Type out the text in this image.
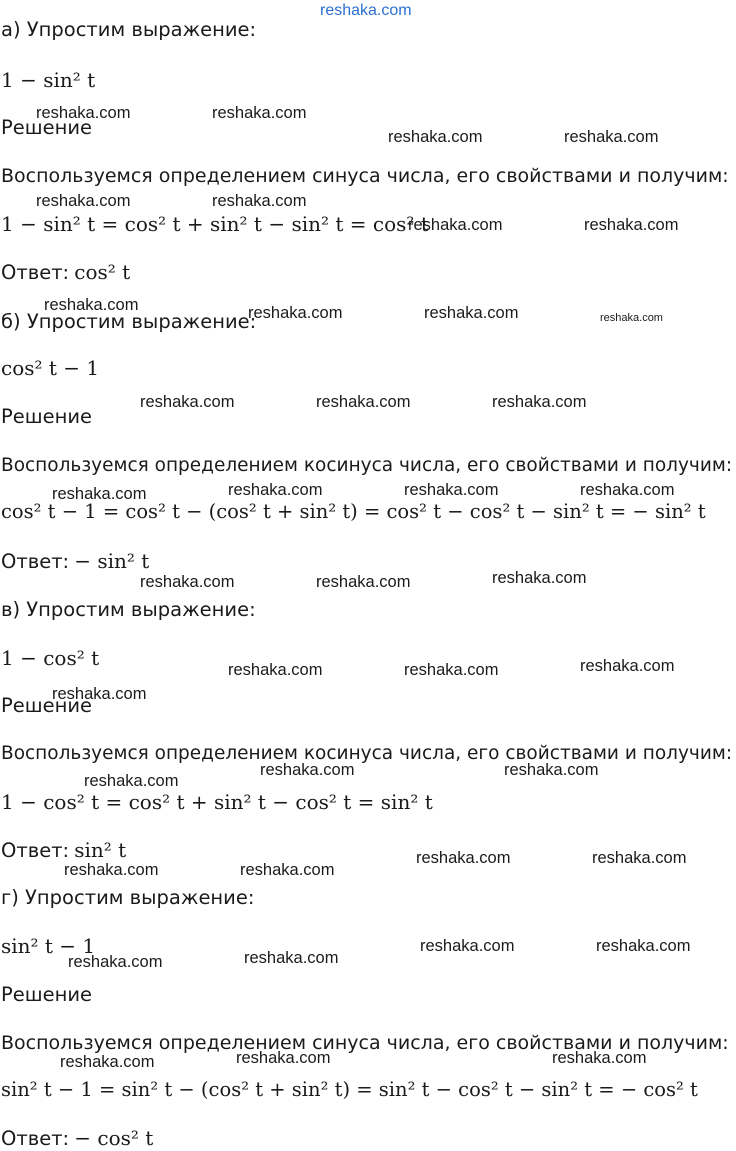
reshaka.com
а) Упростим выражение:
1 − sin² t
Решение
Воспользуемся определением синуса числа, его свойствами и получим:
1 − sin² t = cos² t + sin² t − sin² t = cos² t
Ответ: cos² t
б) Упростим выражение:
cos² t − 1
Решение
Воспользуемся определением косинуса числа, его свойствами и получим:
cos² t − 1 = cos² t − (cos² t + sin² t) = cos² t − cos² t − sin² t = − sin² t
Ответ: − sin² t
в) Упростим выражение:
1 − cos² t
Решение
Воспользуемся определением косинуса числа, его свойствами и получим:
1 − cos² t = cos² t + sin² t − cos² t = sin² t
Ответ: sin² t
г) Упростим выражение:
sin² t − 1
Решение
Воспользуемся определением синуса числа, его свойствами и получим:
sin² t − 1 = sin² t − (cos² t + sin² t) = sin² t − cos² t − sin² t = − cos² t
Ответ: − cos² t
reshaka.com	reshaka.com
reshaka.com	reshaka.com
reshaka.com	reshaka.com
reshaka.com	reshaka.com
reshaka.com	reshaka.com	reshaka.com	reshaka.com
reshaka.com	reshaka.com	reshaka.com
reshaka.com	reshaka.com	reshaka.com	reshaka.com
reshaka.com	reshaka.com	reshaka.com
reshaka.com	reshaka.com	reshaka.com
reshaka.com
reshaka.com
reshaka.com	reshaka.com
reshaka.com	reshaka.com
reshaka.com	reshaka.com
reshaka.com	reshaka.com
reshaka.com	reshaka.com
reshaka.com	reshaka.com	reshaka.com
